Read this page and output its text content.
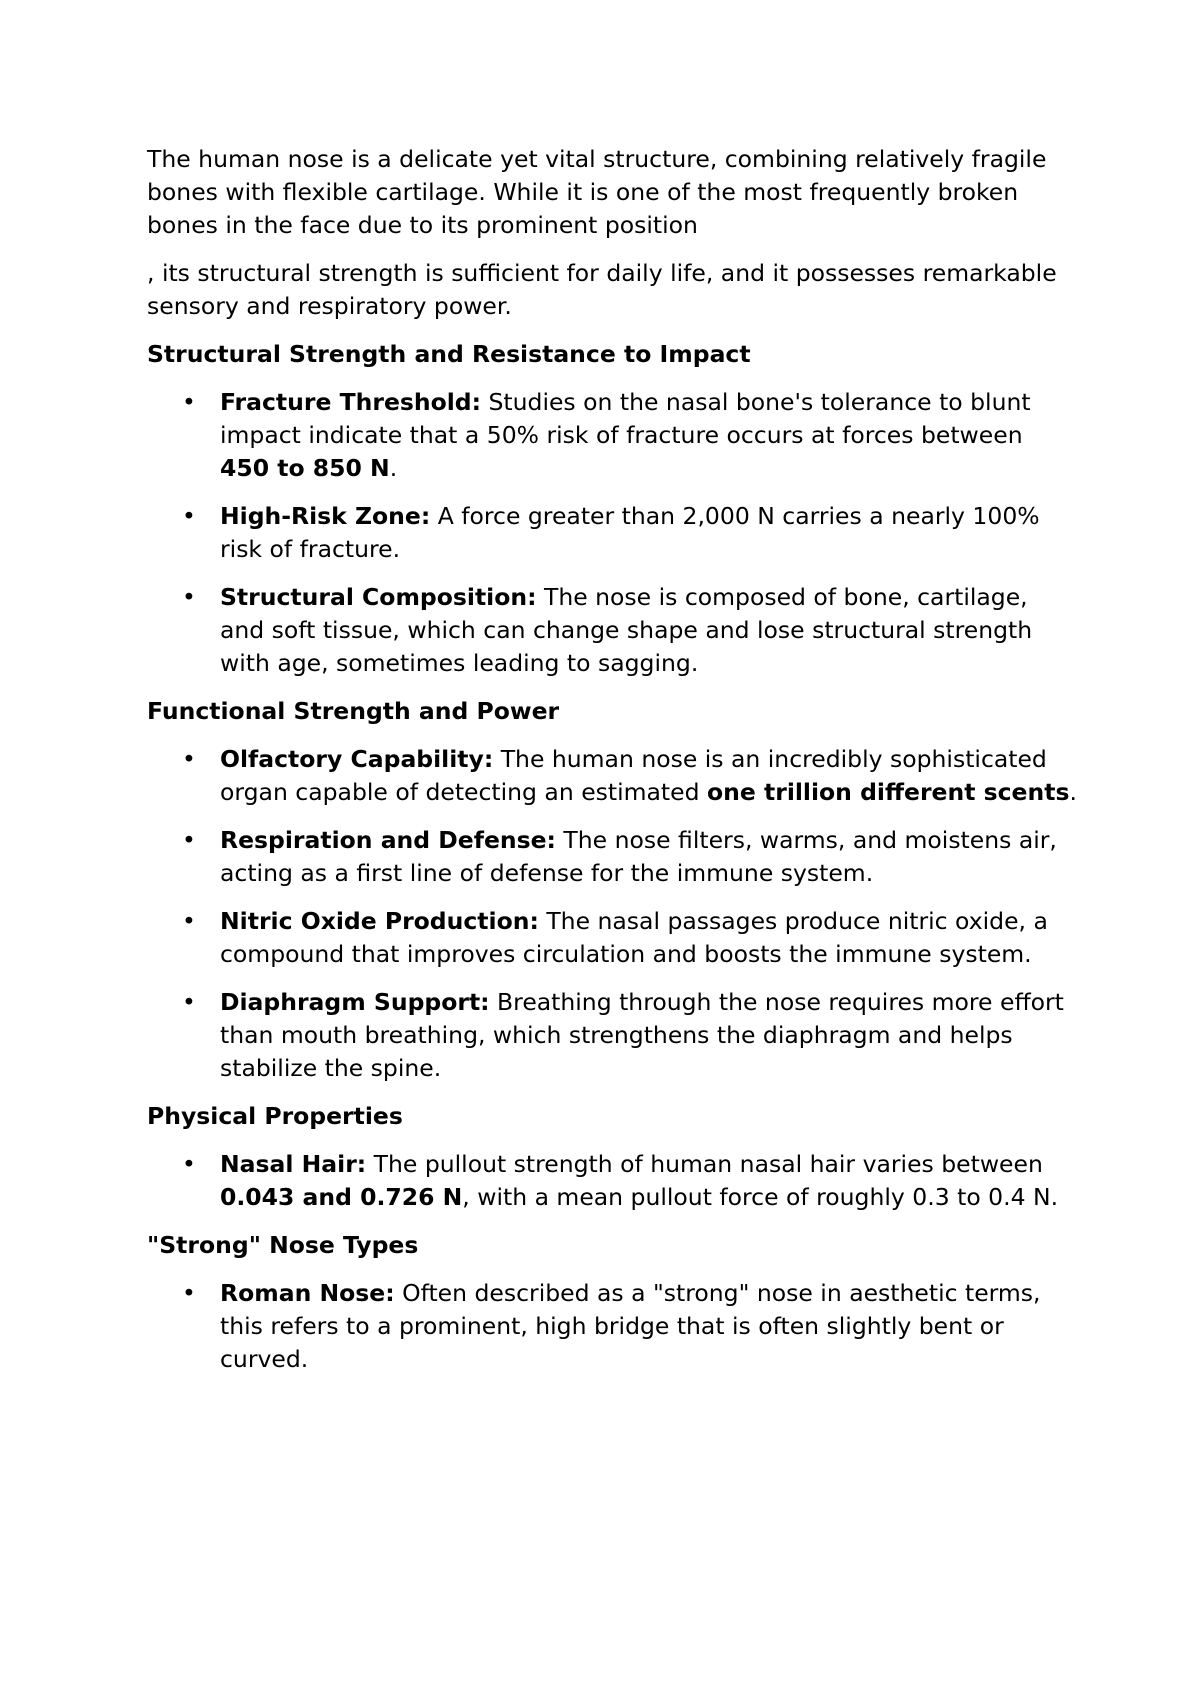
The human nose is a delicate yet vital structure, combining relatively fragile bones with flexible cartilage. While it is one of the most frequently broken bones in the face due to its prominent position

, its structural strength is sufficient for daily life, and it possesses remarkable sensory and respiratory power.

Structural Strength and Resistance to Impact
• Fracture Threshold: Studies on the nasal bone's tolerance to blunt impact indicate that a 50% risk of fracture occurs at forces between 450 to 850 N.
• High-Risk Zone: A force greater than 2,000 N carries a nearly 100% risk of fracture.
• Structural Composition: The nose is composed of bone, cartilage, and soft tissue, which can change shape and lose structural strength with age, sometimes leading to sagging.
Functional Strength and Power
• Olfactory Capability: The human nose is an incredibly sophisticated organ capable of detecting an estimated one trillion different scents.
• Respiration and Defense: The nose filters, warms, and moistens air, acting as a first line of defense for the immune system.
• Nitric Oxide Production: The nasal passages produce nitric oxide, a compound that improves circulation and boosts the immune system.
• Diaphragm Support: Breathing through the nose requires more effort than mouth breathing, which strengthens the diaphragm and helps stabilize the spine.
Physical Properties
• Nasal Hair: The pullout strength of human nasal hair varies between 0.043 and 0.726 N, with a mean pullout force of roughly 0.3 to 0.4 N.
"Strong" Nose Types
• Roman Nose: Often described as a "strong" nose in aesthetic terms, this refers to a prominent, high bridge that is often slightly bent or curved.
